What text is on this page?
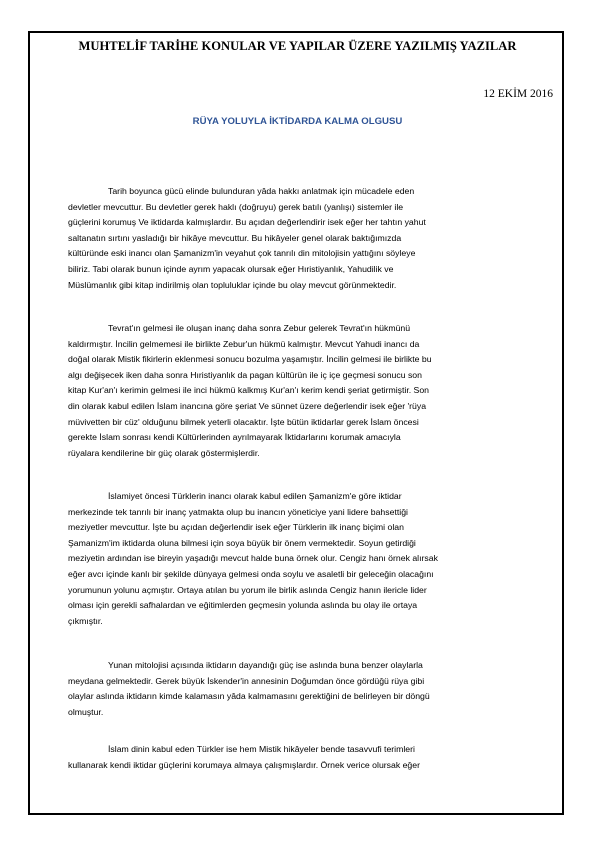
MUHTELİF TARİHE KONULAR VE YAPILAR ÜZERE YAZILMIŞ YAZILAR
12 EKİM 2016
RÜYA YOLUYLA İKTİDARDA KALMA OLGUSU

Tarih boyunca gücü elinde bulunduran yâda hakkı anlatmak için mücadele eden
devletler mevcuttur. Bu devletler gerek haklı (doğruyu) gerek batılı (yanlışı) sistemler ile
güçlerini korumuş Ve iktidarda kalmışlardır. Bu açıdan değerlendirir isek eğer her tahtın yahut
saltanatın sırtını yasladığı bir hikâye mevcuttur. Bu hikâyeler genel olarak baktığımızda
kültüründe eski inancı olan Şamanizm'in veyahut çok tanrılı din mitolojisin yattığını söyleye
biliriz. Tabi olarak bunun içinde ayrım yapacak olursak eğer Hıristiyanlık, Yahudilik ve
Müslümanlık gibi kitap indirilmiş olan topluluklar içinde bu olay mevcut görünmektedir.

Tevrat'ın gelmesi ile oluşan inanç daha sonra Zebur gelerek Tevrat'ın hükmünü
kaldırmıştır. İncilin gelmemesi ile birlikte Zebur'un hükmü kalmıştır. Mevcut Yahudi inancı da
doğal olarak Mistik fikirlerin eklenmesi sonucu bozulma yaşamıştır. İncilin gelmesi ile birlikte bu
algı değişecek iken daha sonra Hıristiyanlık da pagan kültürün ile iç içe geçmesi sonucu son
kitap Kur'an'ı kerimin gelmesi ile inci hükmü kalkmış Kur'an'ı kerim kendi şeriat getirmiştir. Son
din olarak kabul edilen İslam inancına göre şeriat Ve sünnet üzere değerlendir isek eğer 'rüya
müvivetten bir cüz' olduğunu bilmek yeterli olacaktır. İşte bütün iktidarlar gerek İslam öncesi
gerekte İslam sonrası kendi Kültürlerinden ayrılmayarak İktidarlarını korumak amacıyla
rüyalara kendilerine bir güç olarak göstermişlerdir.

İslamiyet öncesi Türklerin inancı olarak kabul edilen Şamanizm'e göre iktidar
merkezinde tek tanrılı bir inanç yatmakta olup bu inancın yöneticiye yani lidere bahsettiği
meziyetler mevcuttur. İşte bu açıdan değerlendir isek eğer Türklerin ilk inanç biçimi olan
Şamanizm'im iktidarda oluna bilmesi için soya büyük bir önem vermektedir. Soyun getirdiği
meziyetin ardından ise bireyin yaşadığı mevcut halde buna örnek olur. Cengiz hanı örnek alırsak
eğer avcı içinde kanlı bir şekilde dünyaya gelmesi onda soylu ve asaletli bir geleceğin olacağını
yorumunun yolunu açmıştır. Ortaya atılan bu yorum ile birlik aslında Cengiz hanın ilericle lider
olması için gerekli safhalardan ve eğitimlerden geçmesin yolunda aslında bu olay ile ortaya
çıkmıştır.

Yunan mitolojisi açısında iktidarın dayandığı güç ise aslında buna benzer olaylarla
meydana gelmektedir. Gerek büyük İskender'in annesinin Doğumdan önce gördüğü rüya gibi
olaylar aslında iktidarın kimde kalamasın yâda kalmamasını gerektiğini de belirleyen bir döngü
olmuştur.

İslam dinin kabul eden Türkler ise hem Mistik hikâyeler bende tasavvufi terimleri
kullanarak kendi iktidar güçlerini korumaya almaya çalışmışlardır. Örnek verice olursak eğer
